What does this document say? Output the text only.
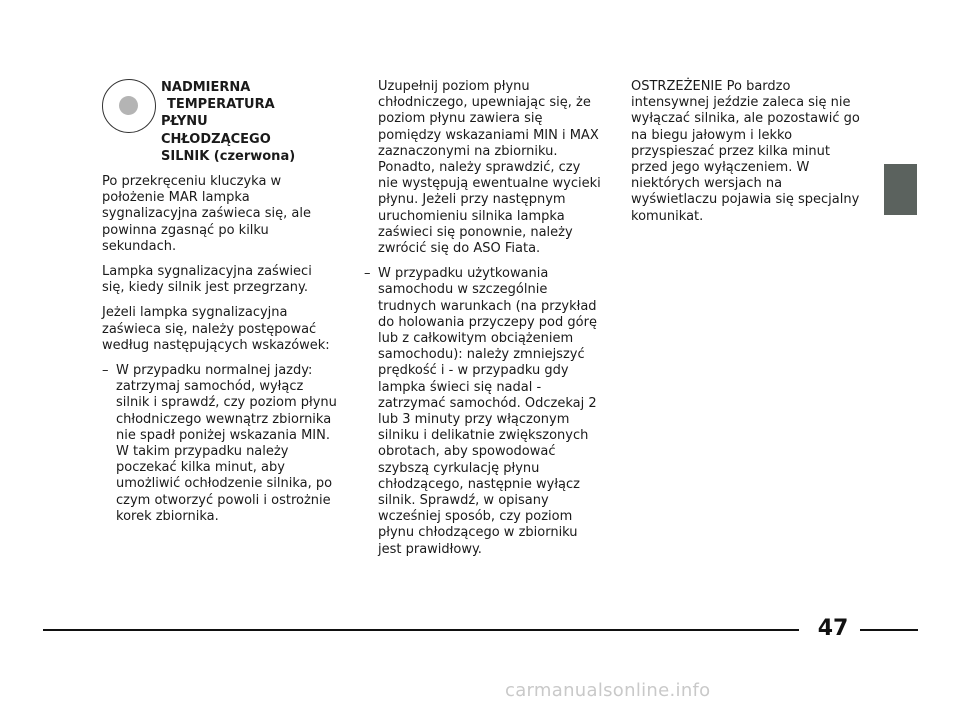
NADMIERNA
TEMPERATURA
PŁYNU
CHŁODZĄCEGO
SILNIK (czerwona)

Po przekręceniu kluczyka w położenie MAR lampka sygnalizacyjna zaświeca się, ale powinna zgasnąć po kilku sekundach.

Lampka sygnalizacyjna zaświeci się, kiedy silnik jest przegrzany.

Jeżeli lampka sygnalizacyjna zaświeca się, należy postępować według następujących wskazówek:

– W przypadku normalnej jazdy: zatrzymaj samochód, wyłącz silnik i sprawdź, czy poziom płynu chłodniczego wewnątrz zbiornika nie spadł poniżej wskazania MIN. W takim przypadku należy poczekać kilka minut, aby umożliwić ochłodzenie silnika, po czym otworzyć powoli i ostrożnie korek zbiornika.

Uzupełnij poziom płynu chłodniczego, upewniając się, że poziom płynu zawiera się pomiędzy wskazaniami MIN i MAX zaznaczonymi na zbiorniku. Ponadto, należy sprawdzić, czy nie występują ewentualne wycieki płynu. Jeżeli przy następnym uruchomieniu silnika lampka zaświeci się ponownie, należy zwrócić się do ASO Fiata.

– W przypadku użytkowania samochodu w szczególnie trudnych warunkach (na przykład do holowania przyczepy pod górę lub z całkowitym obciążeniem samochodu): należy zmniejszyć prędkość i - w przypadku gdy lampka świeci się nadal - zatrzymać samochód. Odczekaj 2 lub 3 minuty przy włączonym silniku i delikatnie zwiększonych obrotach, aby spowodować szybszą cyrkulację płynu chłodzącego, następnie wyłącz silnik. Sprawdź, w opisany wcześniej sposób, czy poziom płynu chłodzącego w zbiorniku jest prawidłowy.

OSTRZEŻENIE Po bardzo intensywnej jeździe zaleca się nie wyłączać silnika, ale pozostawić go na biegu jałowym i lekko przyspieszać przez kilka minut przed jego wyłączeniem. W niektórych wersjach na wyświetlaczu pojawia się specjalny komunikat.

47
carmanualsonline.info
